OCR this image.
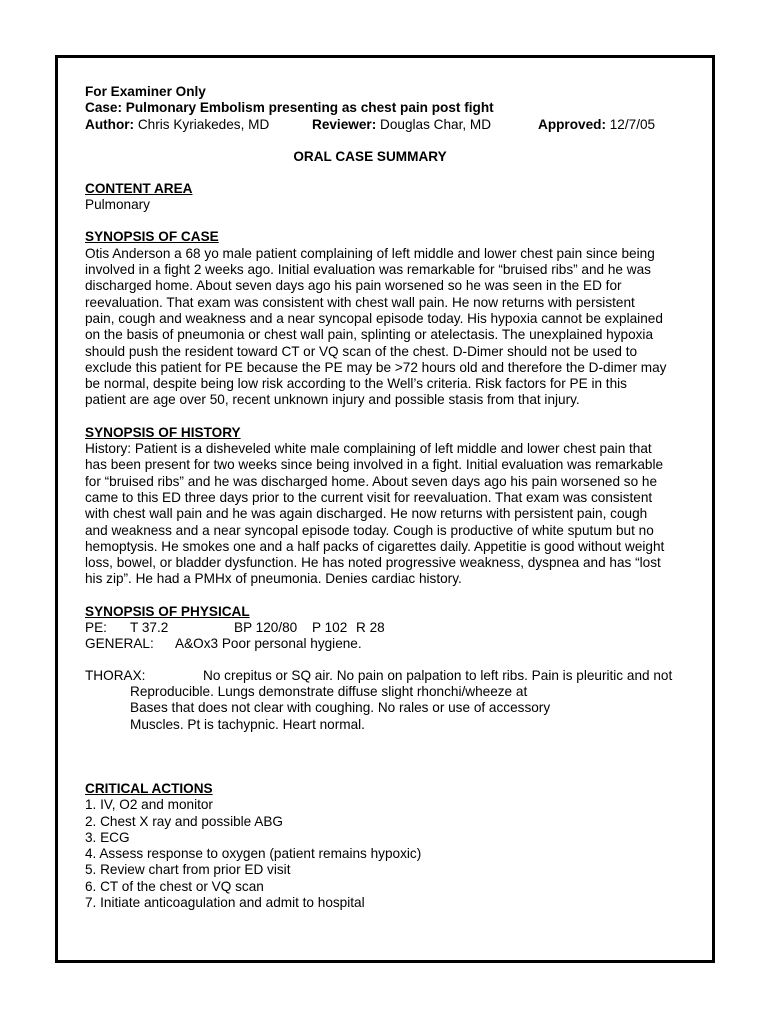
For Examiner Only

Case: Pulmonary Embolism presenting as chest pain post fight

Author: Chris Kyriakedes, MD	Reviewer: Douglas Char, MD	Approved: 12/7/05

ORAL CASE SUMMARY

CONTENT AREA

Pulmonary

SYNOPSIS OF CASE

Otis Anderson a 68 yo male patient complaining of left middle and lower chest pain since being

involved in a fight 2 weeks ago. Initial evaluation was remarkable for “bruised ribs” and he was

discharged home. About seven days ago his pain worsened so he was seen in the ED for

reevaluation. That exam was consistent with chest wall pain. He now returns with persistent

pain, cough and weakness and a near syncopal episode today. His hypoxia cannot be explained

on the basis of pneumonia or chest wall pain, splinting or atelectasis. The unexplained hypoxia

should push the resident toward CT or VQ scan of the chest. D-Dimer should not be used to

exclude this patient for PE because the PE may be >72 hours old and therefore the D-dimer may

be normal, despite being low risk according to the Well’s criteria. Risk factors for PE in this

patient are age over 50, recent unknown injury and possible stasis from that injury.

SYNOPSIS OF HISTORY

History: Patient is a disheveled white male complaining of left middle and lower chest pain that

has been present for two weeks since being involved in a fight. Initial evaluation was remarkable

for “bruised ribs” and he was discharged home. About seven days ago his pain worsened so he

came to this ED three days prior to the current visit for reevaluation. That exam was consistent

with chest wall pain and he was again discharged. He now returns with persistent pain, cough

and weakness and a near syncopal episode today. Cough is productive of white sputum but no

hemoptysis. He smokes one and a half packs of cigarettes daily. Appetitie is good without weight

loss, bowel, or bladder dysfunction. He has noted progressive weakness, dyspnea and has “lost

his zip”. He had a PMHx of pneumonia. Denies cardiac history.

SYNOPSIS OF PHYSICAL

PE: T 37.2	BP 120/80 P 102 R 28
GENERAL: A&Ox3 Poor personal hygiene.
THORAX:	No crepitus or SQ air. No pain on palpation to left ribs. Pain is pleuritic and not

Reproducible. Lungs demonstrate diffuse slight rhonchi/wheeze at

Bases that does not clear with coughing. No rales or use of accessory

Muscles. Pt is tachypnic. Heart normal.

CRITICAL ACTIONS

1. IV, O2 and monitor

2. Chest X ray and possible ABG

3. ECG

4. Assess response to oxygen (patient remains hypoxic)

5. Review chart from prior ED visit

6. CT of the chest or VQ scan

7. Initiate anticoagulation and admit to hospital
